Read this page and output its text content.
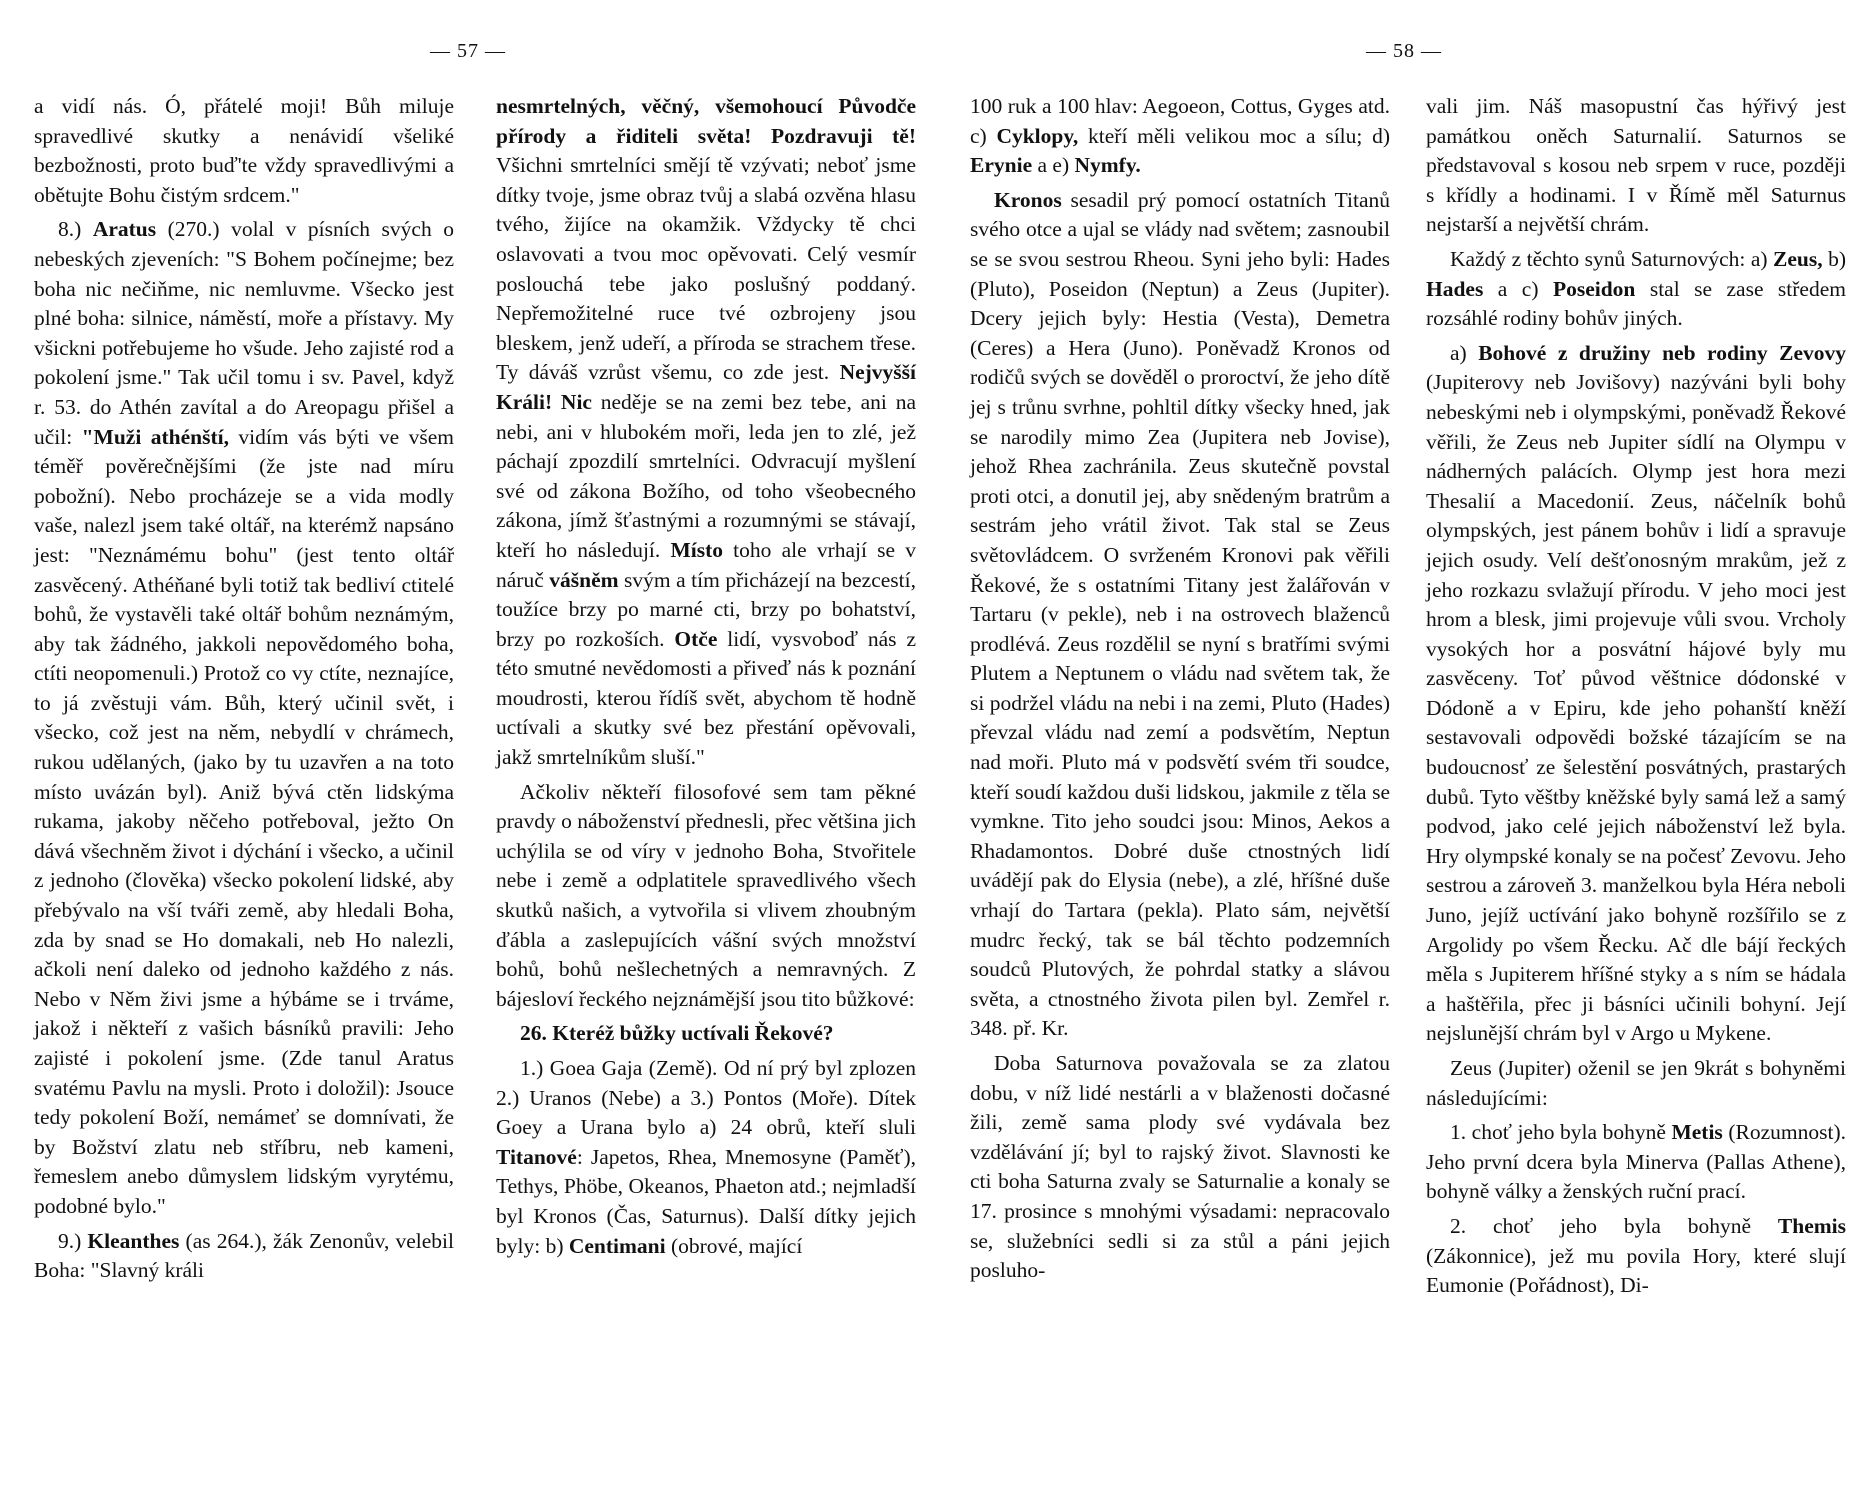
— 57 —	— 58 —

a vidí nás. Ó, přátelé moji! Bůh miluje spravedlivé skutky a nenávidí všeliké bezbožnosti, proto buď'te vždy spravedlivými a obětujte Bohu čistým srdcem."

8.) Aratus (270.) volal v písních svých o nebeských zjeveních: "S Bohem počínejme; bez boha nic nečiňme, nic nemluvme. Všecko jest plné boha: silnice, náměstí, moře a přístavy. My všickni potřebujeme ho všude. Jeho zajisté rod a pokolení jsme." Tak učil tomu i sv. Pavel, když r. 53. do Athén zavítal a do Areopagu přišel a učil: "Muži athénští, vidím vás býti ve všem téměř pověrečnějšími (že jste nad míru pobožní). Nebo procházeje se a vida modly vaše, nalezl jsem také oltář, na kterémž napsáno jest: "Neznámému bohu" (jest tento oltář zasvěcený. Athéňané byli totiž tak bedliví ctitelé bohů, že vystavěli také oltář bohům neznámým, aby tak žádného, jakkoli nepovědomého boha, ctíti neopomenuli.) Protož co vy ctíte, neznajíce, to já zvěstuji vám. Bůh, který učinil svět, i všecko, což jest na něm, nebydlí v chrámech, rukou udělaných, (jako by tu uzavřen a na toto místo uvázán byl). Aniž bývá ctěn lidskýma rukama, jakoby něčeho potřeboval, ježto On dává všechněm život i dýchání i všecko, a učinil z jednoho (člověka) všecko pokolení lidské, aby přebývalo na vší tváři země, aby hledali Boha, zda by snad se Ho domakali, neb Ho nalezli, ačkoli není daleko od jednoho každého z nás. Nebo v Něm živi jsme a hýbáme se i trváme, jakož i někteří z vašich básníků pravili: Jeho zajisté i pokolení jsme. (Zde tanul Aratus svatému Pavlu na mysli. Proto i doložil): Jsouce tedy pokolení Boží, nemámeť se domnívati, že by Božství zlatu neb stříbru, neb kameni, řemeslem anebo důmyslem lidským vyrytému, podobné bylo."

9.) Kleanthes (as 264.), žák Zenonův, velebil Boha: "Slavný králi

nesmrtelných, věčný, všemohoucí Původče přírody a řiditeli světa! Pozdravuji tě! Všichni smrtelníci smějí tě vzývati; neboť jsme dítky tvoje, jsme obraz tvůj a slabá ozvěna hlasu tvého, žijíce na okamžik. Vždycky tě chci oslavovati a tvou moc opěvovati. Celý vesmír poslouchá tebe jako poslušný poddaný. Nepřemožitelné ruce tvé ozbrojeny jsou bleskem, jenž udeří, a příroda se strachem třese. Ty dáváš vzrůst všemu, co zde jest. Nejvyšší Králi! Nic neděje se na zemi bez tebe, ani na nebi, ani v hlubokém moři, leda jen to zlé, jež páchají zpozdilí smrtelníci. Odvracují myšlení své od zákona Božího, od toho všeobecného zákona, jímž šťastnými a rozumnými se stávají, kteří ho následují. Místo toho ale vrhají se v náruč vášněm svým a tím přicházejí na bezcestí, toužíce brzy po marné cti, brzy po bohatství, brzy po rozkoších. Otče lidí, vysvoboď nás z této smutné nevědomosti a přiveď nás k poznání moudrosti, kterou řídíš svět, abychom tě hodně uctívali a skutky své bez přestání opěvovali, jakž smrtelníkům sluší."

Ačkoliv někteří filosofové sem tam pěkné pravdy o náboženství přednesli, přec většina jich uchýlila se od víry v jednoho Boha, Stvořitele nebe i země a odplatitele spravedlivého všech skutků našich, a vytvořila si vlivem zhoubným ďábla a zaslepujících vášní svých množství bohů, bohů nešlechetných a nemravných. Z bájesloví řeckého nejznámější jsou tito bůžkové:

26. Kteréž bůžky uctívali Řekové?

1.) Goea Gaja (Země). Od ní prý byl zplozen 2.) Uranos (Nebe) a 3.) Pontos (Moře). Dítek Goey a Urana bylo a) 24 obrů, kteří sluli Titanové: Japetos, Rhea, Mnemosyne (Paměť), Tethys, Phöbe, Okeanos, Phaeton atd.; nejmladší byl Kronos (Čas, Saturnus). Další dítky jejich byly: b) Centimani (obrové, mající

100 ruk a 100 hlav: Aegoeon, Cottus, Gyges atd. c) Cyklopy, kteří měli velikou moc a sílu; d) Erynie a e) Nymfy.

Kronos sesadil prý pomocí ostatních Titanů svého otce a ujal se vlády nad světem; zasnoubil se se svou sestrou Rheou. Syni jeho byli: Hades (Pluto), Poseidon (Neptun) a Zeus (Jupiter). Dcery jejich byly: Hestia (Vesta), Demetra (Ceres) a Hera (Juno). Poněvadž Kronos od rodičů svých se dověděl o proroctví, že jeho dítě jej s trůnu svrhne, pohltil dítky všecky hned, jak se narodily mimo Zea (Jupitera neb Jovise), jehož Rhea zachránila. Zeus skutečně povstal proti otci, a donutil jej, aby snědeným bratrům a sestrám jeho vrátil život. Tak stal se Zeus světovládcem. O svrženém Kronovi pak věřili Řekové, že s ostatními Titany jest žalářován v Tartaru (v pekle), neb i na ostrovech blaženců prodlévá. Zeus rozdělil se nyní s bratřími svými Plutem a Neptunem o vládu nad světem tak, že si podržel vládu na nebi i na zemi, Pluto (Hades) převzal vládu nad zemí a podsvětím, Neptun nad moři. Pluto má v podsvětí svém tři soudce, kteří soudí každou duši lidskou, jakmile z těla se vymkne. Tito jeho soudci jsou: Minos, Aekos a Rhadamontos. Dobré duše ctnostných lidí uvádějí pak do Elysia (nebe), a zlé, hříšné duše vrhají do Tartara (pekla). Plato sám, největší mudrc řecký, tak se bál těchto podzemních soudců Plutových, že pohrdal statky a slávou světa, a ctnostného života pilen byl. Zemřel r. 348. př. Kr.

Doba Saturnova považovala se za zlatou dobu, v níž lidé nestárli a v blaženosti dočasné žili, země sama plody své vydávala bez vzdělávání jí; byl to rajský život. Slavnosti ke cti boha Saturna zvaly se Saturnalie a konaly se 17. prosince s mnohými výsadami: nepracovalo se, služebníci sedli si za stůl a páni jejich posluho-

vali jim. Náš masopustní čas hýřivý jest památkou oněch Saturnalií. Saturnos se představoval s kosou neb srpem v ruce, později s křídly a hodinami. I v Římě měl Saturnus nejstarší a největší chrám.

Každý z těchto synů Saturnových: a) Zeus, b) Hades a c) Poseidon stal se zase středem rozsáhlé rodiny bohův jiných.

a) Bohové z družiny neb rodiny Zevovy (Jupiterovy neb Jovišovy) nazýváni byli bohy nebeskými neb i olympskými, poněvadž Řekové věřili, že Zeus neb Jupiter sídlí na Olympu v nádherných palácích. Olymp jest hora mezi Thesalií a Macedonií. Zeus, náčelník bohů olympských, jest pánem bohův i lidí a spravuje jejich osudy. Velí dešťonosným mrakům, jež z jeho rozkazu svlažují přírodu. V jeho moci jest hrom a blesk, jimi projevuje vůli svou. Vrcholy vysokých hor a posvátní hájové byly mu zasvěceny. Toť původ věštnice dódonské v Dódoně a v Epiru, kde jeho pohanští kněží sestavovali odpovědi božské tázajícím se na budoucnosť ze šelestění posvátných, prastarých dubů. Tyto věštby kněžské byly samá lež a samý podvod, jako celé jejich náboženství lež byla. Hry olympské konaly se na počesť Zevovu. Jeho sestrou a zároveň 3. manželkou byla Héra neboli Juno, jejíž uctívání jako bohyně rozšířilo se z Argolidy po všem Řecku. Ač dle bájí řeckých měla s Jupiterem hříšné styky a s ním se hádala a haštěřila, přec ji básníci učinili bohyní. Její nejslunější chrám byl v Argo u Mykene.

Zeus (Jupiter) oženil se jen 9krát s bohyněmi následujícími:

1. choť jeho byla bohyně Metis (Rozumnost). Jeho první dcera byla Minerva (Pallas Athene), bohyně války a ženských ruční prací.

2. choť jeho byla bohyně Themis (Zákonnice), jež mu povila Hory, které slují Eumonie (Pořádnost), Di-
